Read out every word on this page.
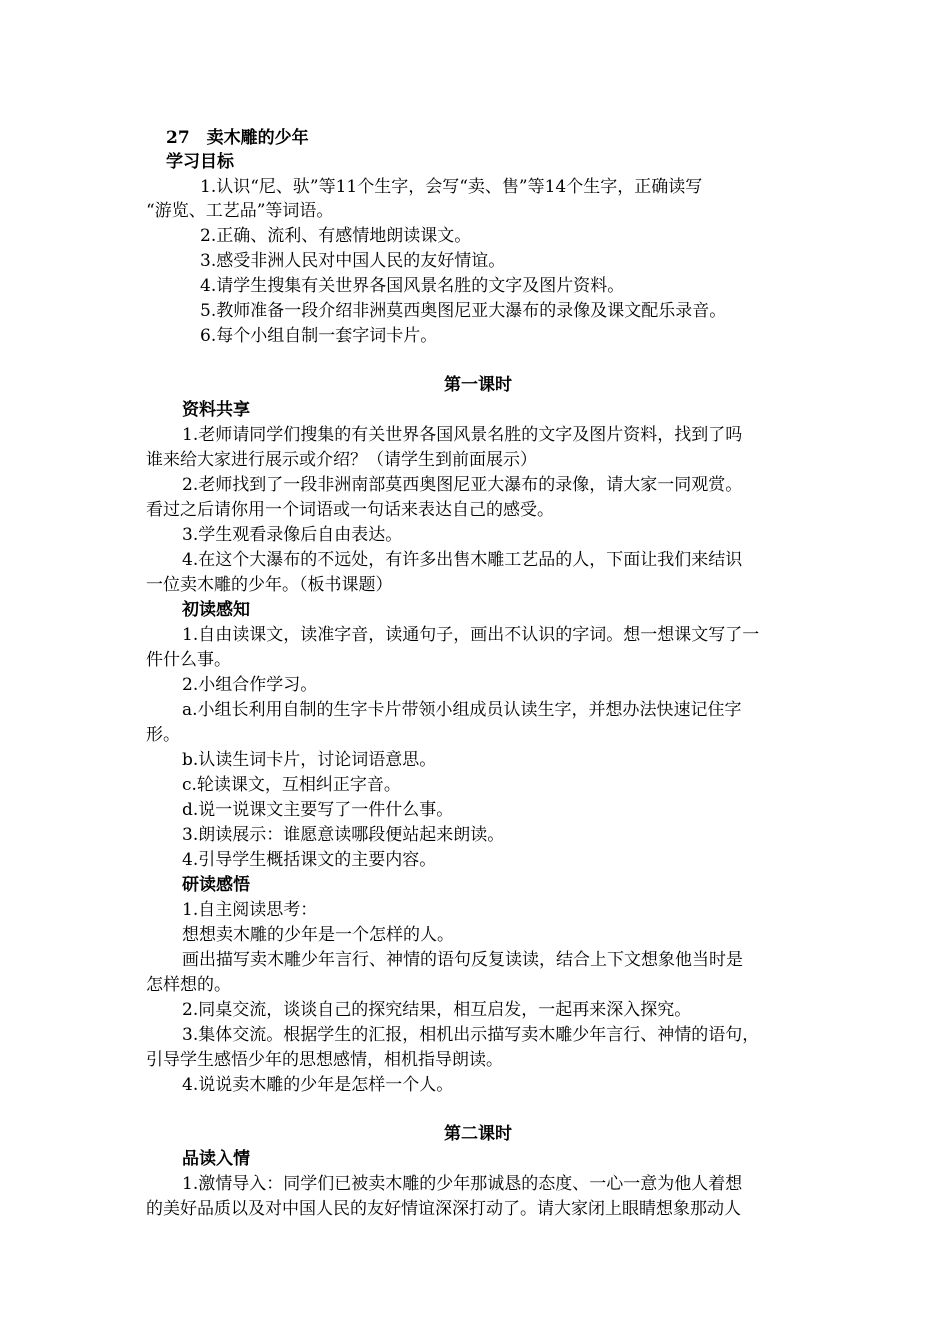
27　卖木雕的少年
学习目标
1.认识“尼、驮”等11个生字，会写“卖、售”等14个生字，正确读写
“游览、工艺品”等词语。
2.正确、流利、有感情地朗读课文。
3.感受非洲人民对中国人民的友好情谊。
4.请学生搜集有关世界各国风景名胜的文字及图片资料。
5.教师准备一段介绍非洲莫西奥图尼亚大瀑布的录像及课文配乐录音。
6.每个小组自制一套字词卡片。
第一课时
资料共享
1.老师请同学们搜集的有关世界各国风景名胜的文字及图片资料，找到了吗
谁来给大家进行展示或介绍？（请学生到前面展示）
2.老师找到了一段非洲南部莫西奥图尼亚大瀑布的录像，请大家一同观赏。
看过之后请你用一个词语或一句话来表达自己的感受。
3.学生观看录像后自由表达。
4.在这个大瀑布的不远处，有许多出售木雕工艺品的人，下面让我们来结识
一位卖木雕的少年。（板书课题）
初读感知
1.自由读课文，读准字音，读通句子，画出不认识的字词。想一想课文写了一
件什么事。
2.小组合作学习。
a.小组长利用自制的生字卡片带领小组成员认读生字，并想办法快速记住字
形。
b.认读生词卡片，讨论词语意思。
c.轮读课文，互相纠正字音。
d.说一说课文主要写了一件什么事。
3.朗读展示：谁愿意读哪段便站起来朗读。
4.引导学生概括课文的主要内容。
研读感悟
1.自主阅读思考：
想想卖木雕的少年是一个怎样的人。
画出描写卖木雕少年言行、神情的语句反复读读，结合上下文想象他当时是
怎样想的。
2.同桌交流，谈谈自己的探究结果，相互启发，一起再来深入探究。
3.集体交流。根据学生的汇报，相机出示描写卖木雕少年言行、神情的语句，
引导学生感悟少年的思想感情，相机指导朗读。
4.说说卖木雕的少年是怎样一个人。
第二课时
品读入情
1.激情导入：同学们已被卖木雕的少年那诚恳的态度、一心一意为他人着想
的美好品质以及对中国人民的友好情谊深深打动了。请大家闭上眼睛想象那动人
